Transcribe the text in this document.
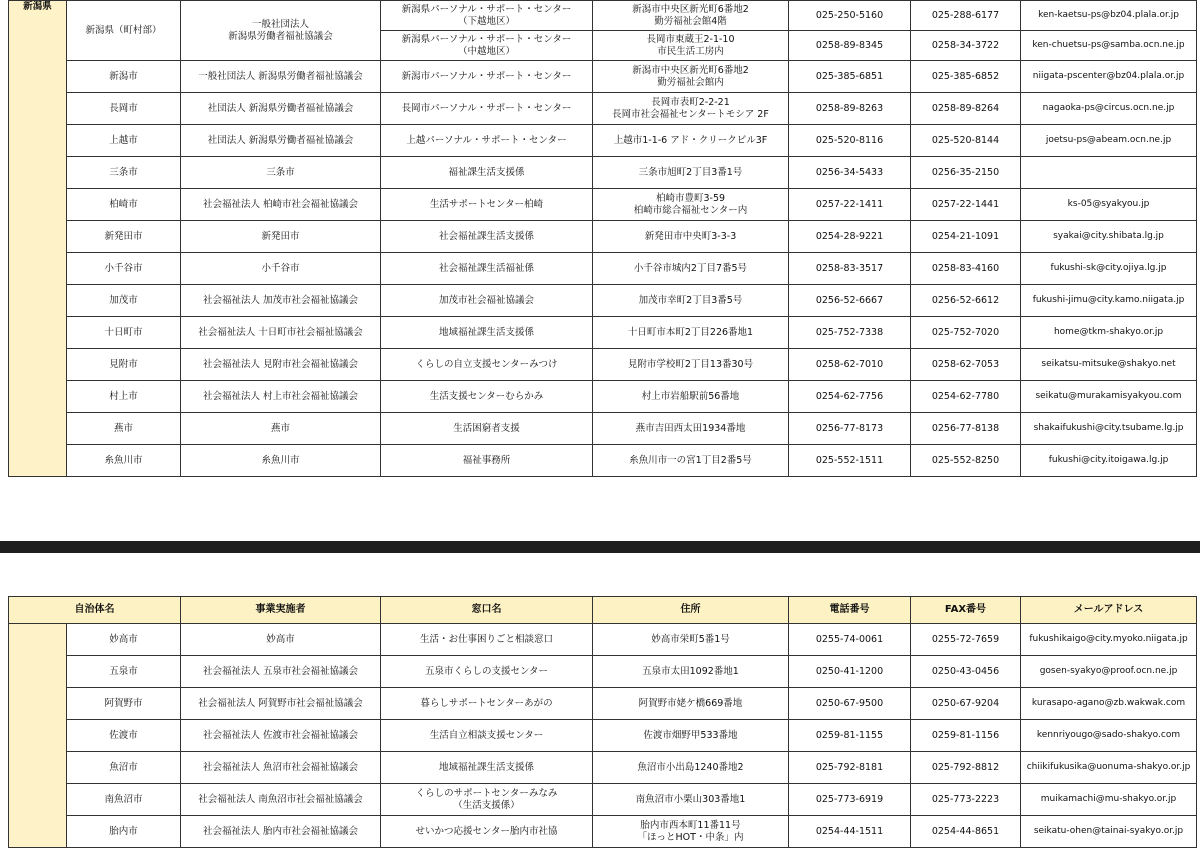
新潟県	新潟県（町村部）	一般社団法人
新潟県労働者福祉協議会	新潟県パーソナル・サポート・センター
（下越地区）	新潟市中央区新光町6番地2
勤労福祉会館4階	025-250-5160	025-288-6177	ken-kaetsu-ps@bz04.plala.or.jp
			新潟県パーソナル・サポート・センター
（中越地区）	長岡市東蔵王2-1-10
市民生活工房内	0258-89-8345	0258-34-3722	ken-chuetsu-ps@samba.ocn.ne.jp
	新潟市	一般社団法人 新潟県労働者福祉協議会	新潟市パーソナル・サポート・センター	新潟市中央区新光町6番地2
勤労福祉会館内	025-385-6851	025-385-6852	niigata-pscenter@bz04.plala.or.jp
	長岡市	社団法人 新潟県労働者福祉協議会	長岡市パーソナル・サポート・センター	長岡市表町2-2-21
長岡市社会福祉センタートモシア 2F	0258-89-8263	0258-89-8264	nagaoka-ps@circus.ocn.ne.jp
	上越市	社団法人 新潟県労働者福祉協議会	上越パーソナル・サポート・センター	上越市1-1-6 アド・クリークビル3F	025-520-8116	025-520-8144	joetsu-ps@abeam.ocn.ne.jp
	三条市	三条市	福祉課生活支援係	三条市旭町2丁目3番1号	0256-34-5433	0256-35-2150	
	柏崎市	社会福祉法人 柏崎市社会福祉協議会	生活サポートセンター柏崎	柏崎市豊町3-59
柏崎市総合福祉センター内	0257-22-1411	0257-22-1441	ks-05@syakyou.jp
	新発田市	新発田市	社会福祉課生活支援係	新発田市中央町3-3-3	0254-28-9221	0254-21-1091	syakai@city.shibata.lg.jp
	小千谷市	小千谷市	社会福祉課生活福祉係	小千谷市城内2丁目7番5号	0258-83-3517	0258-83-4160	fukushi-sk@city.ojiya.lg.jp
	加茂市	社会福祉法人 加茂市社会福祉協議会	加茂市社会福祉協議会	加茂市幸町2丁目3番5号	0256-52-6667	0256-52-6612	fukushi-jimu@city.kamo.niigata.jp
	十日町市	社会福祉法人 十日町市社会福祉協議会	地域福祉課生活支援係	十日町市本町2丁目226番地1	025-752-7338	025-752-7020	home@tkm-shakyo.or.jp
	見附市	社会福祉法人 見附市社会福祉協議会	くらしの自立支援センターみつけ	見附市学校町2丁目13番30号	0258-62-7010	0258-62-7053	seikatsu-mitsuke@shakyo.net
	村上市	社会福祉法人 村上市社会福祉協議会	生活支援センターむらかみ	村上市岩船駅前56番地	0254-62-7756	0254-62-7780	seikatu@murakamisyakyou.com
	燕市	燕市	生活困窮者支援	燕市吉田西太田1934番地	0256-77-8173	0256-77-8138	shakaifukushi@city.tsubame.lg.jp
	糸魚川市	糸魚川市	福祉事務所	糸魚川市一の宮1丁目2番5号	025-552-1511	025-552-8250	fukushi@city.itoigawa.lg.jp
自治体名		事業実施者	窓口名	住所	電話番号	FAX番号	メールアドレス
	妙高市	妙高市	生活・お仕事困りごと相談窓口	妙高市栄町5番1号	0255-74-0061	0255-72-7659	fukushikaigo@city.myoko.niigata.jp
	五泉市	社会福祉法人 五泉市社会福祉協議会	五泉市くらしの支援センター	五泉市太田1092番地1	0250-41-1200	0250-43-0456	gosen-syakyo@proof.ocn.ne.jp
	阿賀野市	社会福祉法人 阿賀野市社会福祉協議会	暮らしサポートセンターあがの	阿賀野市姥ケ橋669番地	0250-67-9500	0250-67-9204	kurasapo-agano@zb.wakwak.com
	佐渡市	社会福祉法人 佐渡市社会福祉協議会	生活自立相談支援センター	佐渡市畑野甲533番地	0259-81-1155	0259-81-1156	kennriyougo@sado-shakyo.com
	魚沼市	社会福祉法人 魚沼市社会福祉協議会	地域福祉課生活支援係	魚沼市小出島1240番地2	025-792-8181	025-792-8812	chiikifukusika@uonuma-shakyo.or.jp
	南魚沼市	社会福祉法人 南魚沼市社会福祉協議会	くらしのサポートセンターみなみ
（生活支援係）	南魚沼市小栗山303番地1	025-773-6919	025-773-2223	muikamachi@mu-shakyo.or.jp
	胎内市	社会福祉法人 胎内市社会福祉協議会	せいかつ応援センター胎内市社協	胎内市西本町11番11号
「ほっとHOT・中条」内	0254-44-1511	0254-44-8651	seikatu-ohen@tainai-syakyo.or.jp
